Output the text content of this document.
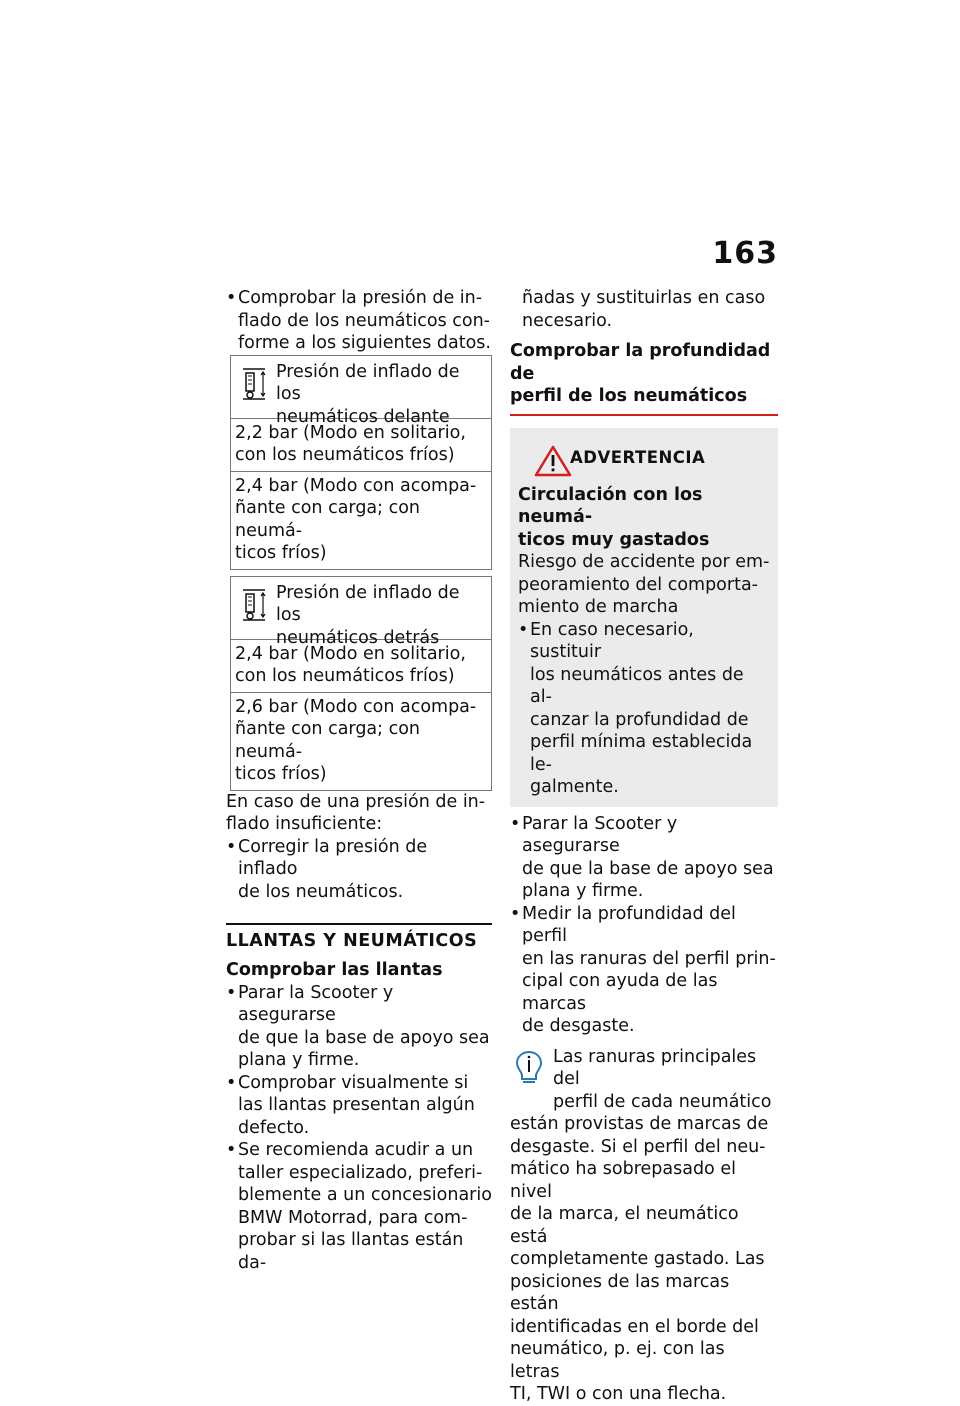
163
• Comprobar la presión de in-
flado de los neumáticos con-
forme a los siguientes datos.
Presión de inflado de los
neumáticos delante
2,2 bar (Modo en solitario,
con los neumáticos fríos)
2,4 bar (Modo con acompa-
ñante con carga; con neumá-
ticos fríos)
Presión de inflado de los
neumáticos detrás
2,4 bar (Modo en solitario,
con los neumáticos fríos)
2,6 bar (Modo con acompa-
ñante con carga; con neumá-
ticos fríos)
En caso de una presión de in-
flado insuficiente:
• Corregir la presión de inflado
de los neumáticos.
LLANTAS Y NEUMÁTICOS
Comprobar las llantas
• Parar la Scooter y asegurarse
de que la base de apoyo sea
plana y firme.
• Comprobar visualmente si
las llantas presentan algún
defecto.
• Se recomienda acudir a un
taller especializado, preferi-
blemente a un concesionario
BMW Motorrad, para com-
probar si las llantas están da-
ñadas y sustituirlas en caso
necesario.
Comprobar la profundidad de
perfil de los neumáticos
ADVERTENCIA
Circulación con los neumá-
ticos muy gastados
Riesgo de accidente por em-
peoramiento del comporta-
miento de marcha
• En caso necesario, sustituir
los neumáticos antes de al-
canzar la profundidad de
perfil mínima establecida le-
galmente.
• Parar la Scooter y asegurarse
de que la base de apoyo sea
plana y firme.
• Medir la profundidad del perfil
en las ranuras del perfil prin-
cipal con ayuda de las marcas
de desgaste.
Las ranuras principales del
perfil de cada neumático
están provistas de marcas de
desgaste. Si el perfil del neu-
mático ha sobrepasado el nivel
de la marca, el neumático está
completamente gastado. Las
posiciones de las marcas están
identificadas en el borde del
neumático, p. ej. con las letras
TI, TWI o con una flecha.
